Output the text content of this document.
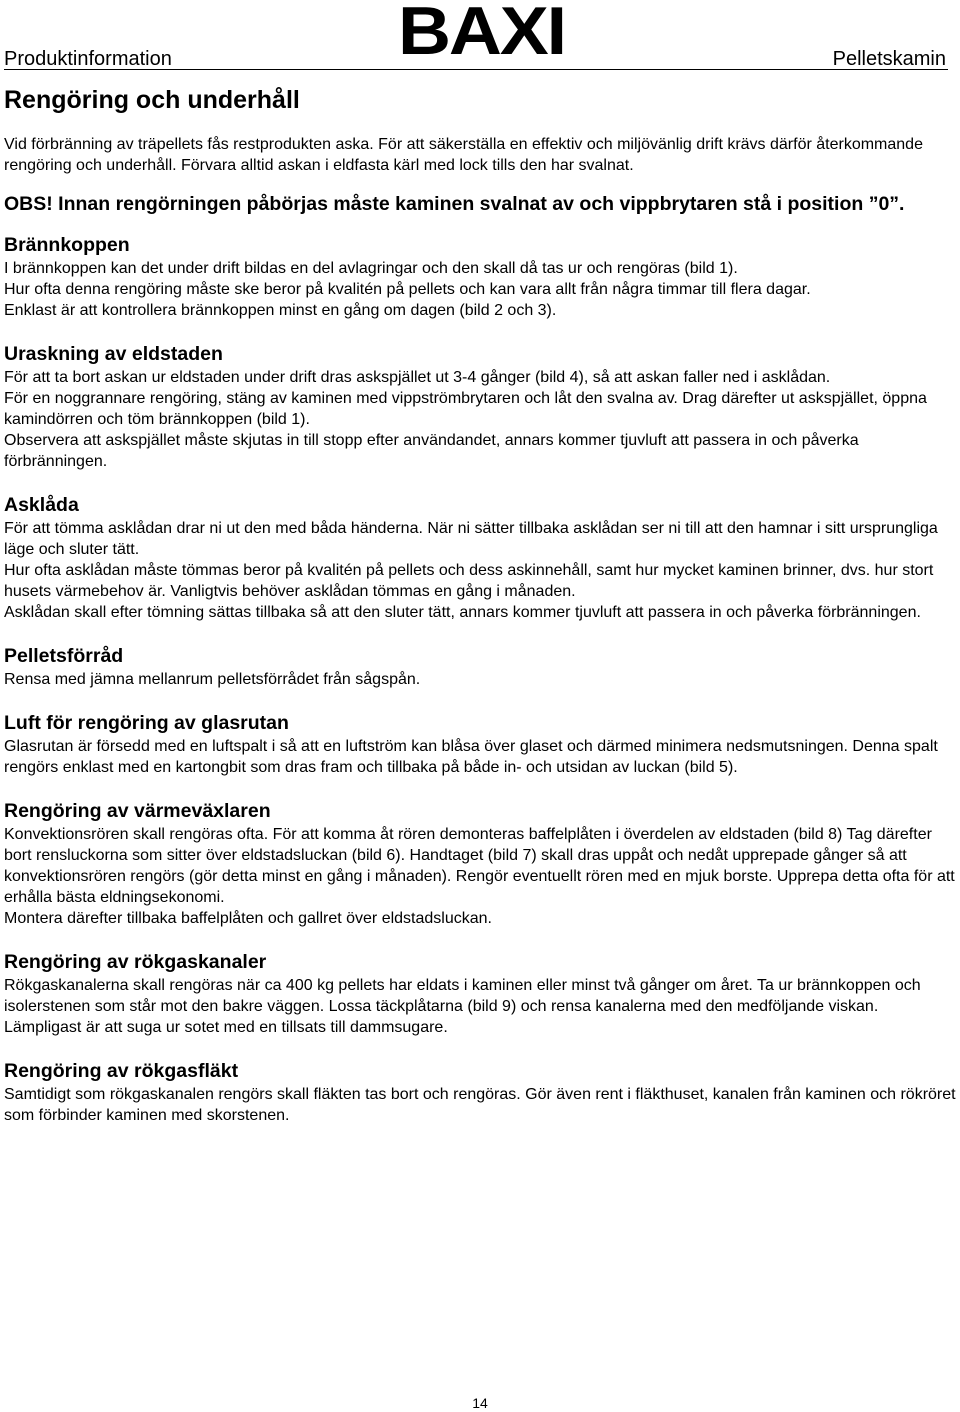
Produktinformation	BAXI	Pelletskamin
Rengöring och underhåll

Vid förbränning av träpellets fås restprodukten aska. För att säkerställa en effektiv och miljövänlig drift krävs därför återkommande rengöring och underhåll. Förvara alltid askan i eldfasta kärl med lock tills den har svalnat.

OBS! Innan rengörningen påbörjas måste kaminen svalnat av och vippbrytaren stå i position ”0”.

Brännkoppen

I brännkoppen kan det under drift bildas en del avlagringar och den skall då tas ur och rengöras (bild 1).

Hur ofta denna rengöring måste ske beror på kvalitén på pellets och kan vara allt från några timmar till flera dagar.

Enklast är att kontrollera brännkoppen minst en gång om dagen (bild 2 och 3).

Uraskning av eldstaden

För att ta bort askan ur eldstaden under drift dras askspjället ut 3-4 gånger (bild 4), så att askan faller ned i asklådan.

För en noggrannare rengöring, stäng av kaminen med vippströmbrytaren och låt den svalna av. Drag därefter ut askspjället, öppna kamindörren och töm brännkoppen (bild 1).

Observera att askspjället måste skjutas in till stopp efter användandet, annars kommer tjuvluft att passera in och påverka förbränningen.

Asklåda

För att tömma asklådan drar ni ut den med båda händerna. När ni sätter tillbaka asklådan ser ni till att den hamnar i sitt ursprungliga läge och sluter tätt.

Hur ofta asklådan måste tömmas beror på kvalitén på pellets och dess askinnehåll, samt hur mycket kaminen brinner, dvs. hur stort husets värmebehov är. Vanligtvis behöver asklådan tömmas en gång i månaden.

Asklådan skall efter tömning sättas tillbaka så att den sluter tätt, annars kommer tjuvluft att passera in och påverka förbränningen.

Pelletsförråd

Rensa med jämna mellanrum pelletsförrådet från sågspån.

Luft för rengöring av glasrutan

Glasrutan är försedd med en luftspalt i så att en luftström kan blåsa över glaset och därmed minimera nedsmutsningen. Denna spalt rengörs enklast med en kartongbit som dras fram och tillbaka på både in- och utsidan av luckan (bild 5).

Rengöring av värmeväxlaren

Konvektionsrören skall rengöras ofta. För att komma åt rören demonteras baffelplåten i överdelen av eldstaden (bild 8) Tag därefter bort rensluckorna som sitter över eldstadsluckan (bild 6). Handtaget (bild 7) skall dras uppåt och nedåt upprepade gånger så att konvektionsrören rengörs (gör detta minst en gång i månaden). Rengör eventuellt rören med en mjuk borste. Upprepa detta ofta för att erhålla bästa eldningsekonomi.

Montera därefter tillbaka baffelplåten och gallret över eldstadsluckan.

Rengöring av rökgaskanaler

Rökgaskanalerna skall rengöras när ca 400 kg pellets har eldats i kaminen eller minst två gånger om året. Ta ur brännkoppen och isolerstenen som står mot den bakre väggen. Lossa täckplåtarna (bild 9) och rensa kanalerna med den medföljande viskan. Lämpligast är att suga ur sotet med en tillsats till dammsugare.

Rengöring av rökgasfläkt

Samtidigt som rökgaskanalen rengörs skall fläkten tas bort och rengöras. Gör även rent i fläkthuset, kanalen från kaminen och rökröret som förbinder kaminen med skorstenen.

14
